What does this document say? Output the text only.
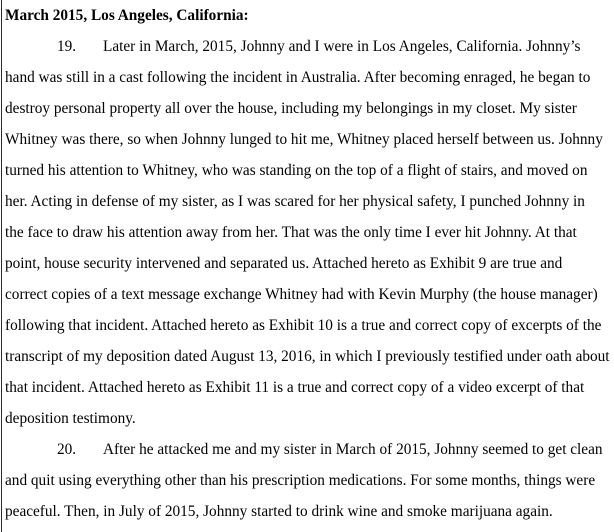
March 2015, Los Angeles, California:
19. Later in March, 2015, Johnny and I were in Los Angeles, California. Johnny’s
hand was still in a cast following the incident in Australia. After becoming enraged, he began to
destroy personal property all over the house, including my belongings in my closet. My sister
Whitney was there, so when Johnny lunged to hit me, Whitney placed herself between us. Johnny
turned his attention to Whitney, who was standing on the top of a flight of stairs, and moved on
her. Acting in defense of my sister, as I was scared for her physical safety, I punched Johnny in
the face to draw his attention away from her. That was the only time I ever hit Johnny. At that
point, house security intervened and separated us. Attached hereto as Exhibit 9 are true and
correct copies of a text message exchange Whitney had with Kevin Murphy (the house manager)
following that incident. Attached hereto as Exhibit 10 is a true and correct copy of excerpts of the
transcript of my deposition dated August 13, 2016, in which I previously testified under oath about
that incident. Attached hereto as Exhibit 11 is a true and correct copy of a video excerpt of that
deposition testimony.
20. After he attacked me and my sister in March of 2015, Johnny seemed to get clean
and quit using everything other than his prescription medications. For some months, things were
peaceful. Then, in July of 2015, Johnny started to drink wine and smoke marijuana again.
